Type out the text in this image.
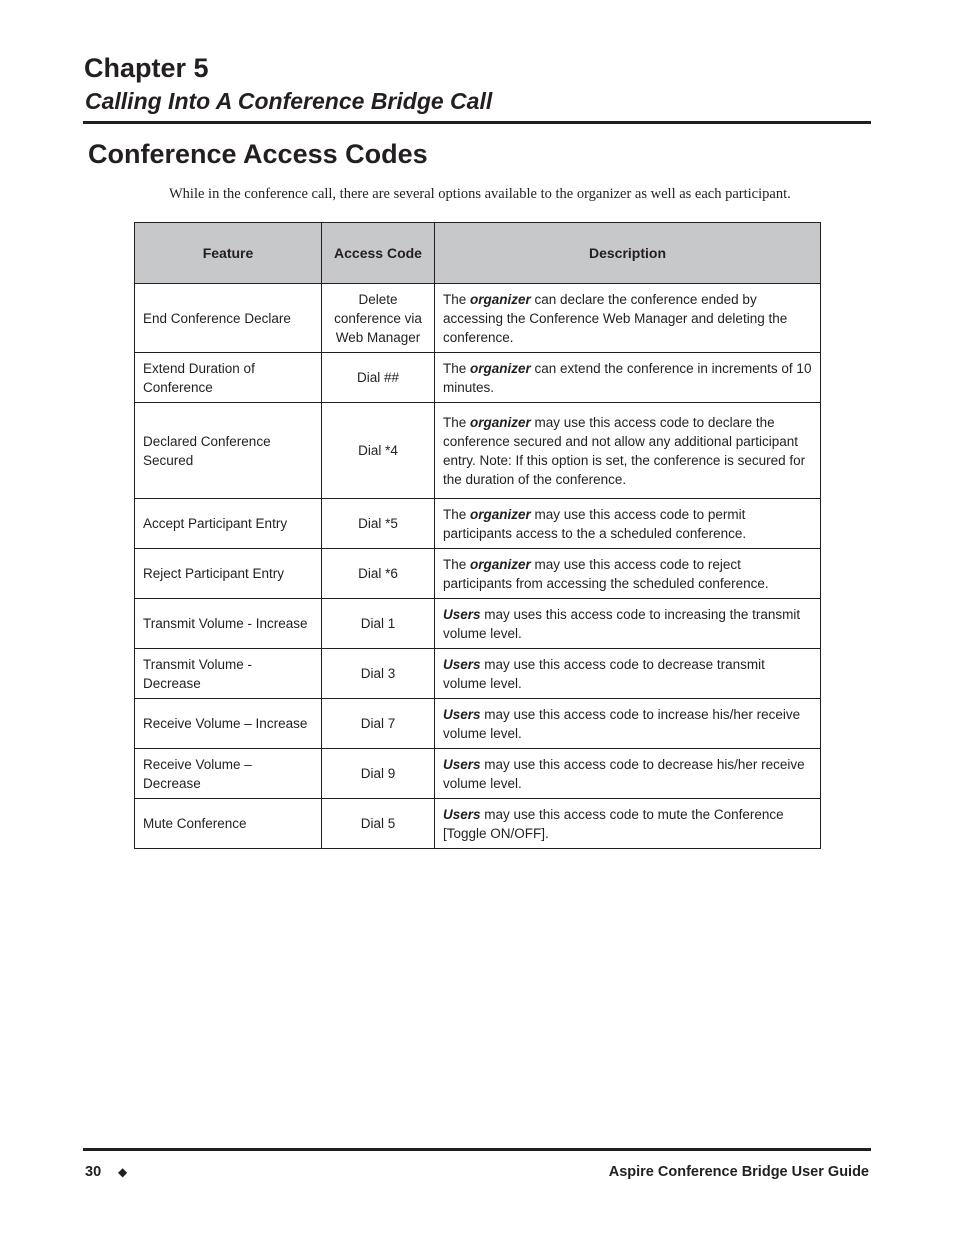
Chapter 5
Calling Into A Conference Bridge Call
Conference Access Codes

While in the conference call, there are several options available to the organizer as well as each participant.

Feature	Access Code	Description
End Conference Declare	Delete conference via Web Manager	The organizer can declare the conference ended by accessing the Conference Web Manager and deleting the conference.
Extend Duration of Conference	Dial ##	The organizer can extend the conference in increments of 10 minutes.
Declared Conference Secured	Dial *4	The organizer may use this access code to declare the conference secured and not allow any additional participant entry. Note: If this option is set, the conference is secured for the duration of the conference.
Accept Participant Entry	Dial *5	The organizer may use this access code to permit participants access to the a scheduled conference.
Reject Participant Entry	Dial *6	The organizer may use this access code to reject participants from accessing the scheduled conference.
Transmit Volume - Increase	Dial 1	Users may uses this access code to increasing the transmit volume level.
Transmit Volume - Decrease	Dial 3	Users may use this access code to decrease transmit volume level.
Receive Volume – Increase	Dial 7	Users may use this access code to increase his/her receive volume level.
Receive Volume – Decrease	Dial 9	Users may use this access code to decrease his/her receive volume level.
Mute Conference	Dial 5	Users may use this access code to mute the Conference [Toggle ON/OFF].
30 ◆	Aspire Conference Bridge User Guide
